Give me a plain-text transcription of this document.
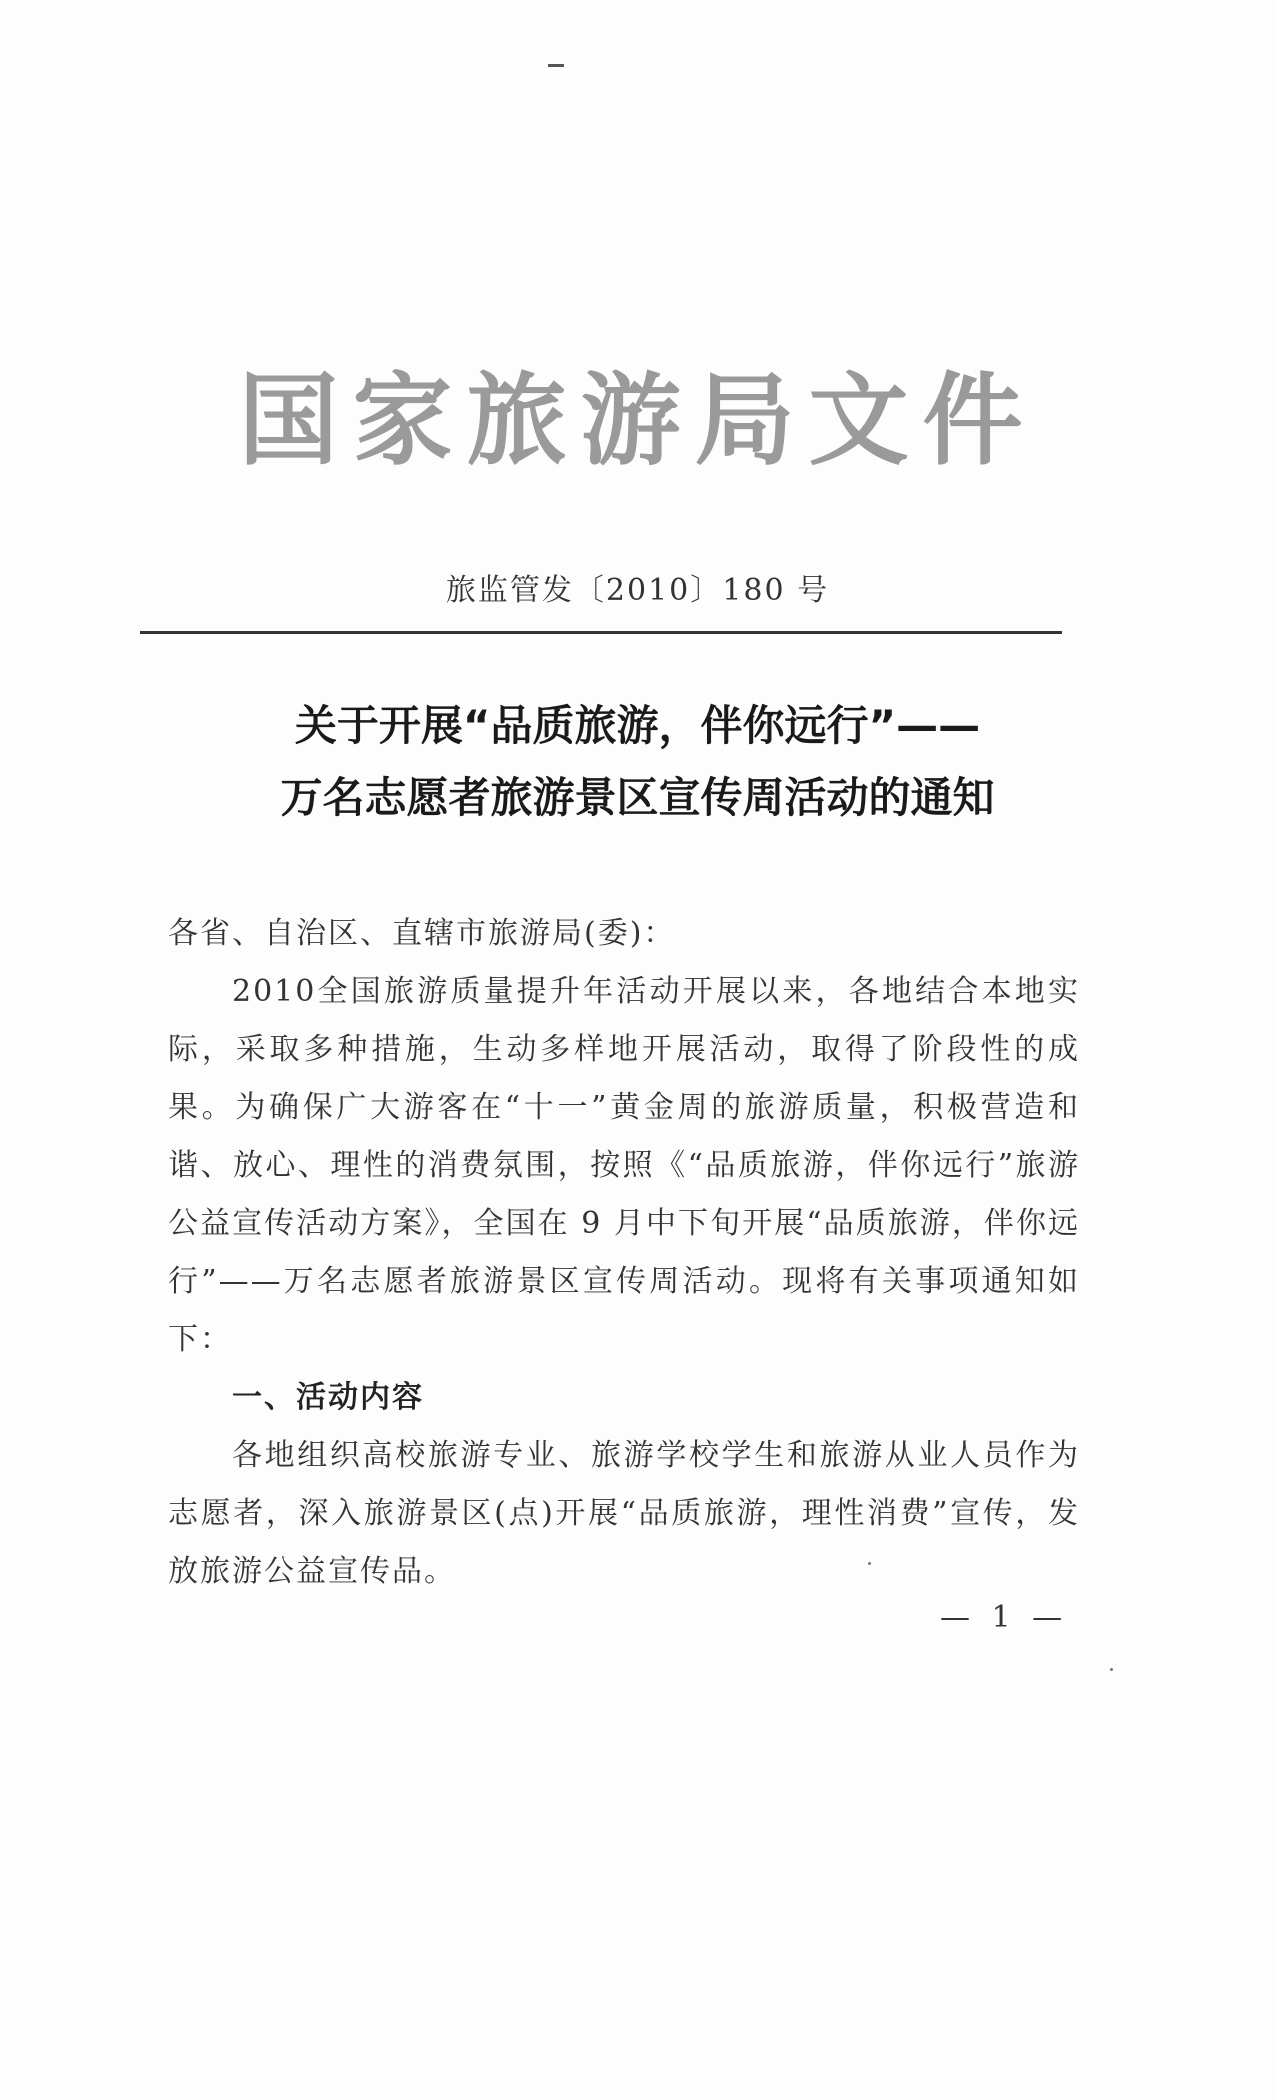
国家旅游局文件
旅监管发〔2010〕180 号
关于开展“品质旅游，伴你远行”——
万名志愿者旅游景区宣传周活动的通知

各省、自治区、直辖市旅游局(委)：

2010全国旅游质量提升年活动开展以来，各地结合本地实际，采取多种措施，生动多样地开展活动，取得了阶段性的成果。为确保广大游客在“十一”黄金周的旅游质量，积极营造和谐、放心、理性的消费氛围，按照《“品质旅游，伴你远行”旅游公益宣传活动方案》，全国在 9 月中下旬开展“品质旅游，伴你远行”——万名志愿者旅游景区宣传周活动。现将有关事项通知如下：

一、活动内容

各地组织高校旅游专业、旅游学校学生和旅游从业人员作为志愿者，深入旅游景区(点)开展“品质旅游，理性消费”宣传，发放旅游公益宣传品。

— 1 —
